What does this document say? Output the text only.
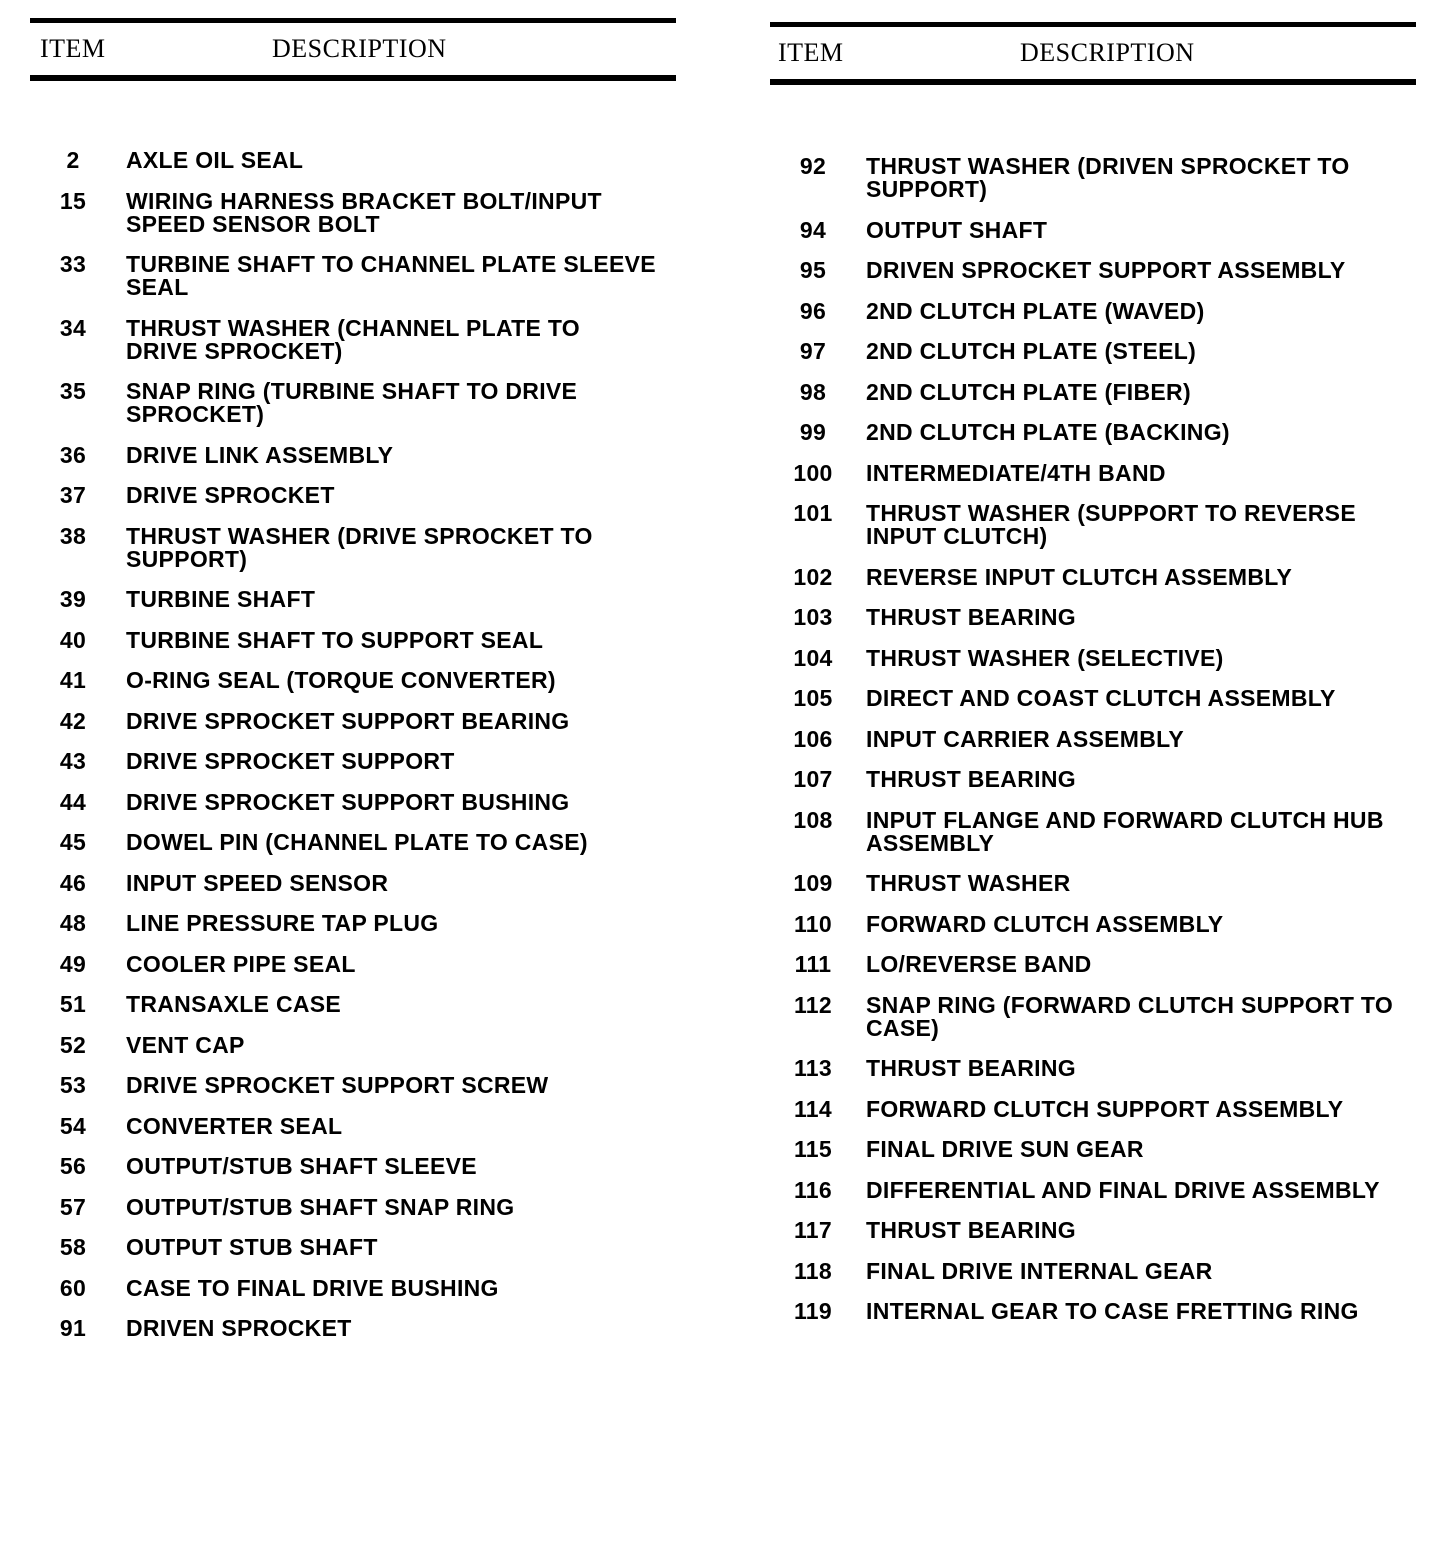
ITEM	DESCRIPTION
2	AXLE OIL SEAL
15	WIRING HARNESS BRACKET BOLT/INPUT SPEED SENSOR BOLT
33	TURBINE SHAFT TO CHANNEL PLATE SLEEVE SEAL
34	THRUST WASHER (CHANNEL PLATE TO DRIVE SPROCKET)
35	SNAP RING (TURBINE SHAFT TO DRIVE SPROCKET)
36	DRIVE LINK ASSEMBLY
37	DRIVE SPROCKET
38	THRUST WASHER (DRIVE SPROCKET TO SUPPORT)
39	TURBINE SHAFT
40	TURBINE SHAFT TO SUPPORT SEAL
41	O-RING SEAL (TORQUE CONVERTER)
42	DRIVE SPROCKET SUPPORT BEARING
43	DRIVE SPROCKET SUPPORT
44	DRIVE SPROCKET SUPPORT BUSHING
45	DOWEL PIN (CHANNEL PLATE TO CASE)
46	INPUT SPEED SENSOR
48	LINE PRESSURE TAP PLUG
49	COOLER PIPE SEAL
51	TRANSAXLE CASE
52	VENT CAP
53	DRIVE SPROCKET SUPPORT SCREW
54	CONVERTER SEAL
56	OUTPUT/STUB SHAFT SLEEVE
57	OUTPUT/STUB SHAFT SNAP RING
58	OUTPUT STUB SHAFT
60	CASE TO FINAL DRIVE BUSHING
91	DRIVEN SPROCKET
ITEM	DESCRIPTION
92	THRUST WASHER (DRIVEN SPROCKET TO SUPPORT)
94	OUTPUT SHAFT
95	DRIVEN SPROCKET SUPPORT ASSEMBLY
96	2ND CLUTCH PLATE (WAVED)
97	2ND CLUTCH PLATE (STEEL)
98	2ND CLUTCH PLATE (FIBER)
99	2ND CLUTCH PLATE (BACKING)
100	INTERMEDIATE/4TH BAND
101	THRUST WASHER (SUPPORT TO REVERSE INPUT CLUTCH)
102	REVERSE INPUT CLUTCH ASSEMBLY
103	THRUST BEARING
104	THRUST WASHER (SELECTIVE)
105	DIRECT AND COAST CLUTCH ASSEMBLY
106	INPUT CARRIER ASSEMBLY
107	THRUST BEARING
108	INPUT FLANGE AND FORWARD CLUTCH HUB ASSEMBLY
109	THRUST WASHER
110	FORWARD CLUTCH ASSEMBLY
111	LO/REVERSE BAND
112	SNAP RING (FORWARD CLUTCH SUPPORT TO CASE)
113	THRUST BEARING
114	FORWARD CLUTCH SUPPORT ASSEMBLY
115	FINAL DRIVE SUN GEAR
116	DIFFERENTIAL AND FINAL DRIVE ASSEMBLY
117	THRUST BEARING
118	FINAL DRIVE INTERNAL GEAR
119	INTERNAL GEAR TO CASE FRETTING RING
